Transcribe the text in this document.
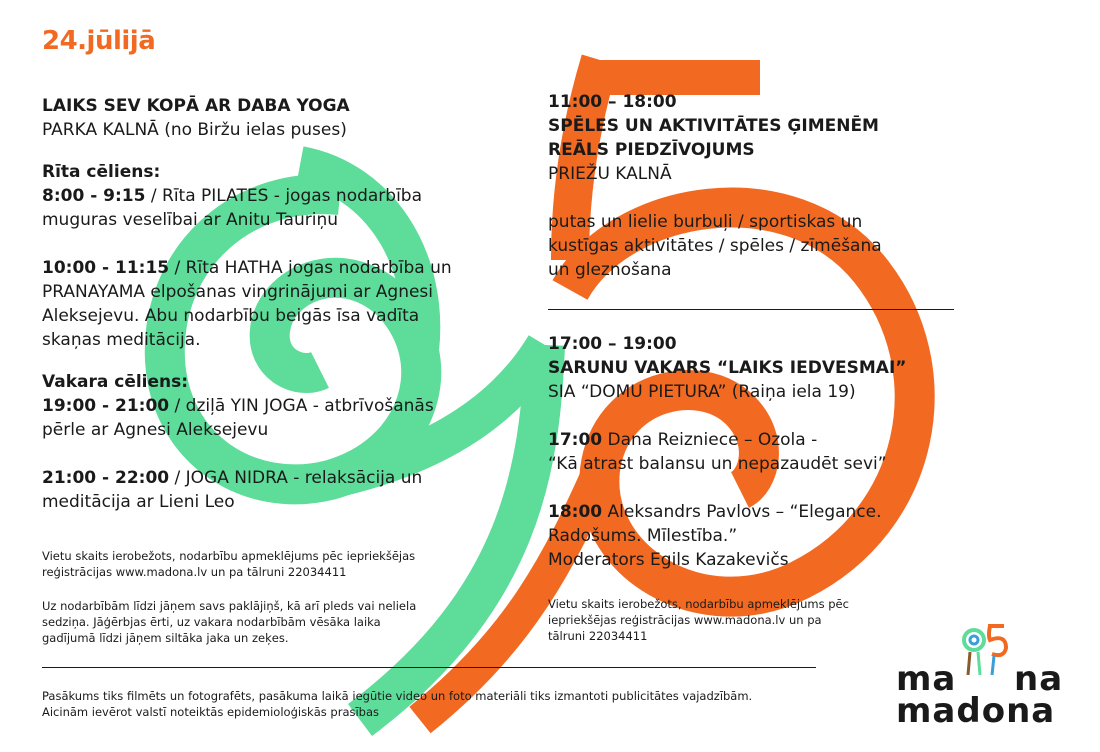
24.jūlijā
LAIKS SEV KOPĀ AR DABA YOGA
PARKA KALNĀ (no Biržu ielas puses)
Rīta cēliens:
8:00 - 9:15 / Rīta PILATES - jogas nodarbība
muguras veselībai ar Anitu Tauriņu
10:00 - 11:15 / Rīta HATHA jogas nodarbība un
PRANAYAMA elpošanas vingrinājumi ar Agnesi
Aleksejevu. Abu nodarbību beigās īsa vadīta
skaņas meditācija.
Vakara cēliens:
19:00 - 21:00 / dziļā YIN JOGA - atbrīvošanās
pērle ar Agnesi Aleksejevu
21:00 - 22:00 / JOGA NIDRA - relaksācija un
meditācija ar Lieni Leo
Vietu skaits ierobežots, nodarbību apmeklējums pēc iepriekšējas
reģistrācijas www.madona.lv un pa tālruni 22034411
Uz nodarbībām līdzi jāņem savs paklājiņš, kā arī pleds vai neliela
sedziņa. Jāģērbjas ērti, uz vakara nodarbībām vēsāka laika
gadījumā līdzi jāņem siltāka jaka un zeķes.
11:00 – 18:00
SPĒLES UN AKTIVITĀTES ĢIMENĒM
REĀLS PIEDZĪVOJUMS
PRIEŽU KALNĀ
putas un lielie burbuļi / sportiskas un
kustīgas aktivitātes / spēles / zīmēšana
un gleznošana
17:00 – 19:00
SARUNU VAKARS “LAIKS IEDVESMAI”
SIA “DOMU PIETURA” (Raiņa iela 19)
17:00 Dana Reizniece – Ozola -
“Kā atrast balansu un nepazaudēt sevi”
18:00 Aleksandrs Pavlovs – “Elegance.
Radošums. Mīlestība.”
Moderators Egils Kazakevičs
Vietu skaits ierobežots, nodarbību apmeklējums pēc
iepriekšējas reģistrācijas www.madona.lv un pa
tālruni 22034411
Pasākums tiks filmēts un fotografēts, pasākuma laikā iegūtie video un foto materiāli tiks izmantoti publicitātes vajadzībām.
Aicinām ievērot valstī noteiktās epidemioloģiskās prasības
ma na
madona
